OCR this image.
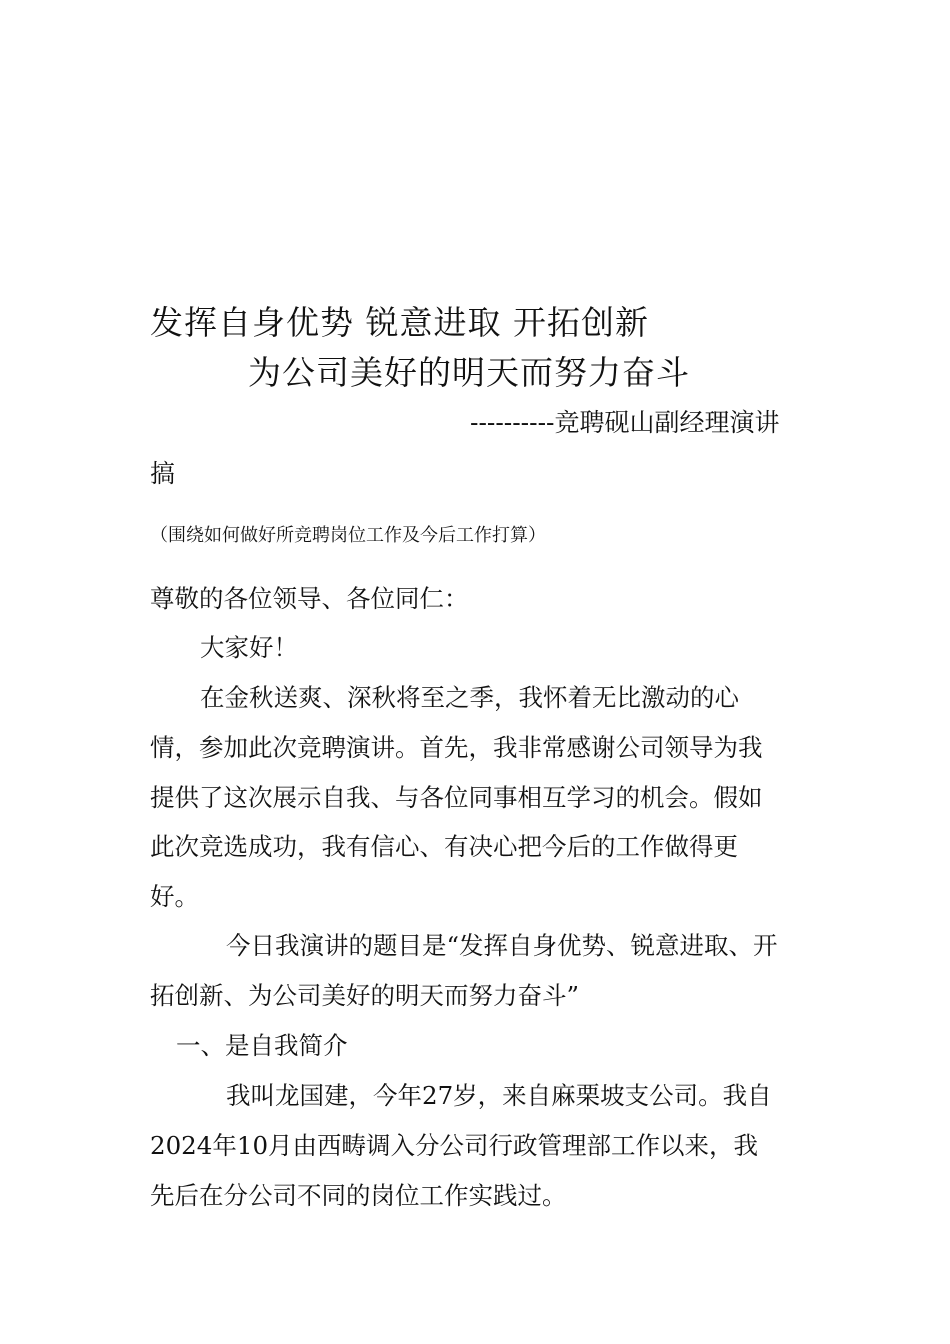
发挥自身优势 锐意进取 开拓创新
为公司美好的明天而努力奋斗
----------竞聘砚山副经理演讲
搞
（围绕如何做好所竞聘岗位工作及今后工作打算）
尊敬的各位领导、各位同仁：
大家好！
在金秋送爽、深秋将至之季，我怀着无比激动的心
情，参加此次竞聘演讲。首先，我非常感谢公司领导为我
提供了这次展示自我、与各位同事相互学习的机会。假如
此次竞选成功，我有信心、有决心把今后的工作做得更
好。
今日我演讲的题目是“发挥自身优势、锐意进取、开
拓创新、为公司美好的明天而努力奋斗”
一、是自我简介
我叫龙国建，今年27岁，来自麻栗坡支公司。我自
2024年10月由西畴调入分公司行政管理部工作以来，我
先后在分公司不同的岗位工作实践过。
